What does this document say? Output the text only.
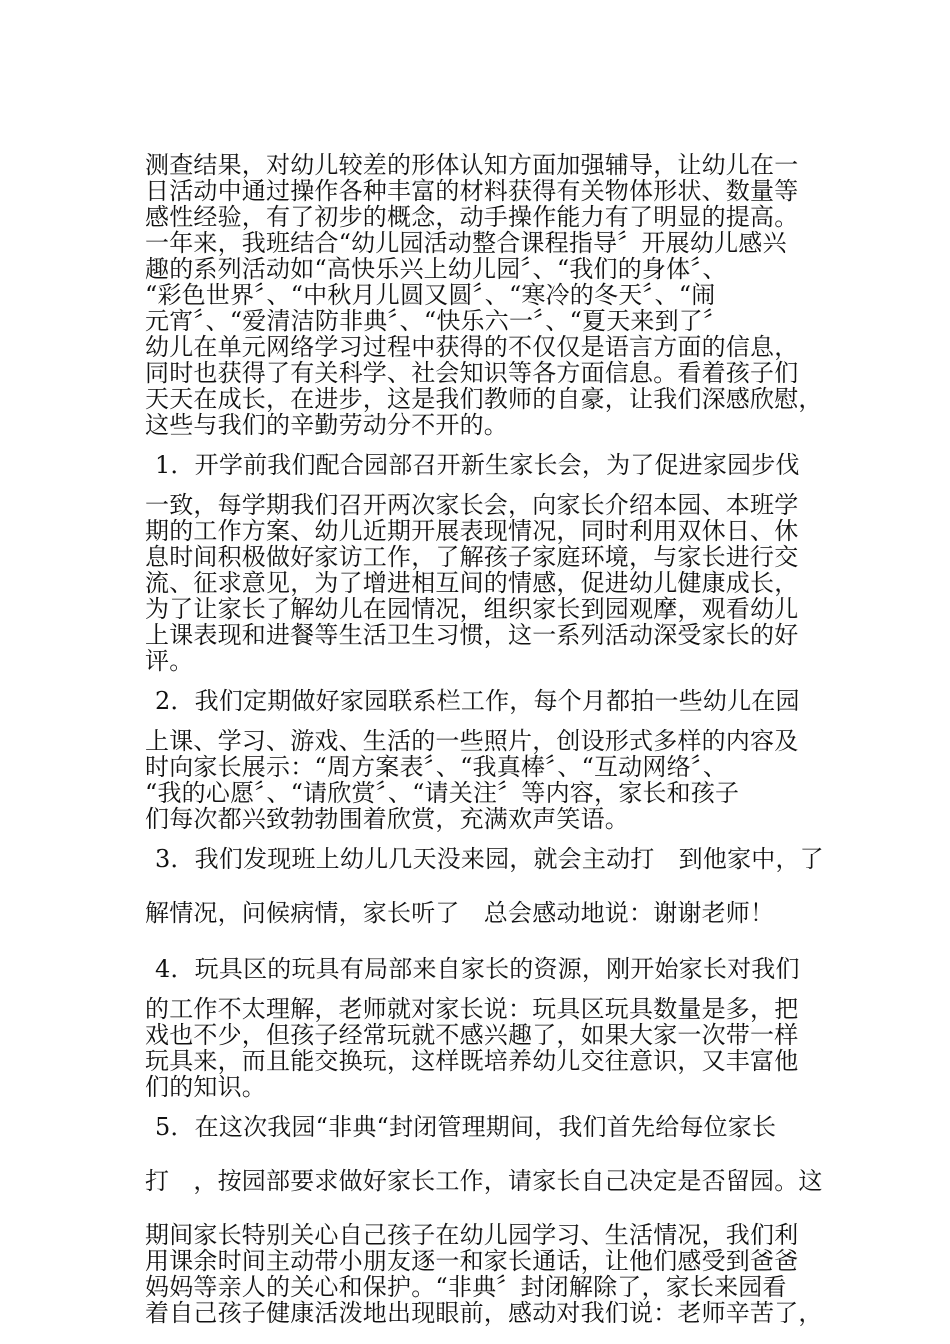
测查结果，对幼儿较差的形体认知方面加强辅导，让幼儿在一
日活动中通过操作各种丰富的材料获得有关物体形状、数量等
感性经验，有了初步的概念，动手操作能力有了明显的提高。
一年来，我班结合“幼儿园活动整合课程指导〞开展幼儿感兴
趣的系列活动如“高快乐兴上幼儿园〞、“我们的身体〞、
“彩色世界〞、“中秋月儿圆又圆〞、“寒冷的冬天〞、“闹
元宵〞、“爱清洁防非典〞、“快乐六一〞、“夏天来到了〞
幼儿在单元网络学习过程中获得的不仅仅是语言方面的信息，
同时也获得了有关科学、社会知识等各方面信息。看着孩子们
天天在成长，在进步，这是我们教师的自豪，让我们深感欣慰，
这些与我们的辛勤劳动分不开的。
1．开学前我们配合园部召开新生家长会，为了促进家园步伐
一致，每学期我们召开两次家长会，向家长介绍本园、本班学
期的工作方案、幼儿近期开展表现情况，同时利用双休日、休
息时间积极做好家访工作，了解孩子家庭环境，与家长进行交
流、征求意见，为了增进相互间的情感，促进幼儿健康成长，
为了让家长了解幼儿在园情况，组织家长到园观摩，观看幼儿
上课表现和进餐等生活卫生习惯，这一系列活动深受家长的好
评。
2．我们定期做好家园联系栏工作，每个月都拍一些幼儿在园
上课、学习、游戏、生活的一些照片，创设形式多样的内容及
时向家长展示：“周方案表〞、“我真棒〞、“互动网络〞、
“我的心愿〞、“请欣赏〞、“请关注〞等内容，家长和孩子
们每次都兴致勃勃围着欣赏，充满欢声笑语。
3．我们发现班上幼儿几天没来园，就会主动打　到他家中，了
解情况，问候病情，家长听了　总会感动地说：谢谢老师！
4．玩具区的玩具有局部来自家长的资源，刚开始家长对我们
的工作不太理解，老师就对家长说：玩具区玩具数量是多，把
戏也不少，但孩子经常玩就不感兴趣了，如果大家一次带一样
玩具来，而且能交换玩，这样既培养幼儿交往意识，又丰富他
们的知识。
5．在这次我园“非典“封闭管理期间，我们首先给每位家长
打　，按园部要求做好家长工作，请家长自己决定是否留园。这
期间家长特别关心自己孩子在幼儿园学习、生活情况，我们利
用课余时间主动带小朋友逐一和家长通话，让他们感受到爸爸
妈妈等亲人的关心和保护。“非典〞封闭解除了，家长来园看
着自己孩子健康活泼地出现眼前，感动对我们说：老师辛苦了，
